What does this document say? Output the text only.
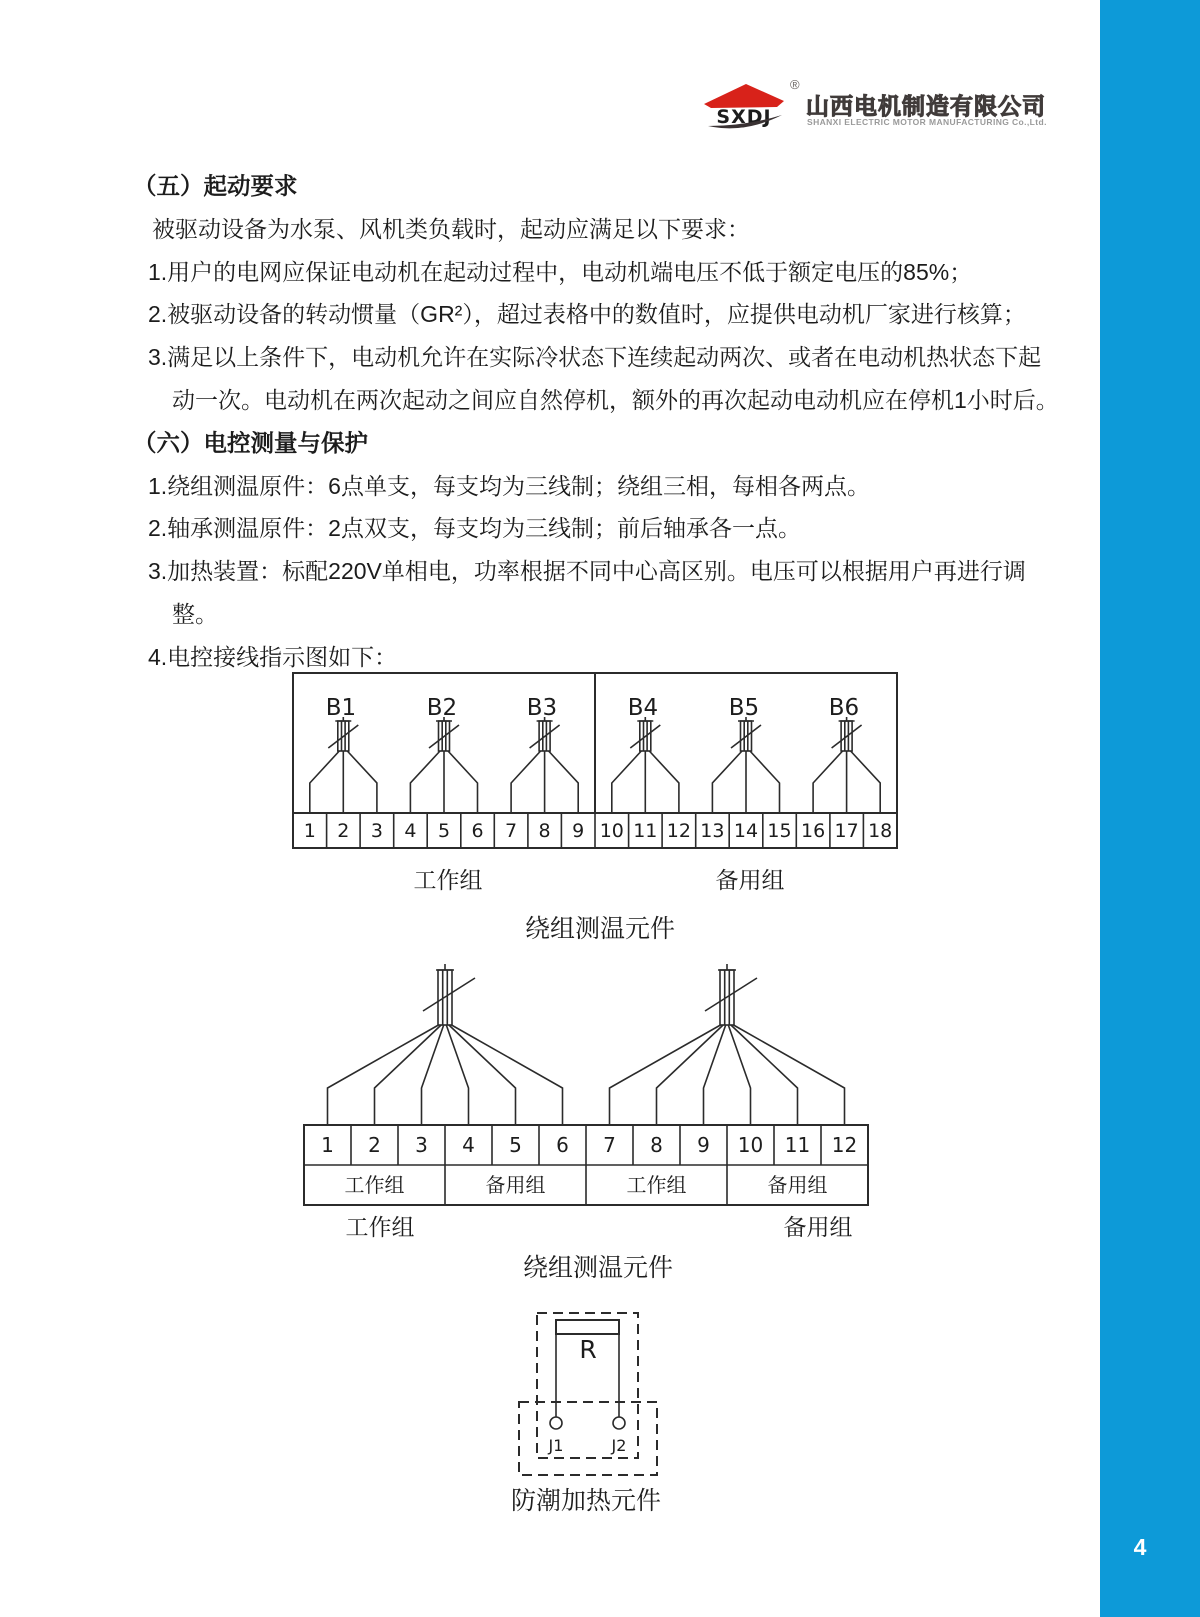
4
SXDJ
®
山西电机制造有限公司
SHANXI ELECTRIC MOTOR MANUFACTURING Co.,Ltd.
（五）起动要求
被驱动设备为水泵、风机类负载时，起动应满足以下要求：
1.用户的电网应保证电动机在起动过程中，电动机端电压不低于额定电压的85%；
2.被驱动设备的转动惯量（GR²），超过表格中的数值时，应提供电动机厂家进行核算；
3.满足以上条件下，电动机允许在实际冷状态下连续起动两次、或者在电动机热状态下起
动一次。电动机在两次起动之间应自然停机，额外的再次起动电动机应在停机1小时后。
（六）电控测量与保护
1.绕组测温原件：6点单支，每支均为三线制；绕组三相，每相各两点。
2.轴承测温原件：2点双支，每支均为三线制；前后轴承各一点。
3.加热装置：标配220V单相电，功率根据不同中心高区别。电压可以根据用户再进行调
整。
4.电控接线指示图如下：
B1	B2	B3	B4	B5	B6
1 2 3 4 5 6 7 8 9 10 11 12 13 14 15 16 17 18
工作组	备用组
绕组测温元件
1 2 3 4 5 6 7 8 9 10 11 12
工作组	备用组	工作组	备用组
工作组	备用组
绕组测温元件
R
J1	J2
防潮加热元件
